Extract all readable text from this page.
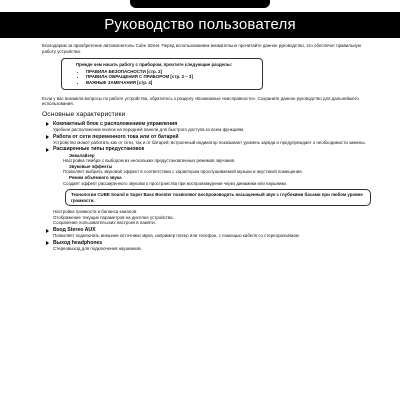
Руководство пользователя

Благодарим за приобретение автомагнитолы Cube Street. Перед использованием внимательно прочитайте данное руководство, это обеспечит правильную работу устройства.

Прежде чем начать работу с прибором, прочтите следующие разделы:
• ПРАВИЛА БЕЗОПАСНОСТИ [стр. 2]
• ПРАВИЛА ОБРАЩЕНИЯ С ПРИБОРОМ [стр. 2 – 3]
• ВАЖНЫЕ ЗАМЕЧАНИЯ [стр. 4]

Если у вас возникли вопросы по работе устройства, обратитесь к разделу «Возможные неисправности». Сохраните данное руководство для дальнейшего использования.

Основные характеристики
Компактный блок с расположением управления

Удобное расположение кнопок на передней панели для быстрого доступа ко всем функциям.

Работа от сети переменного тока или от батарей

Устройство может работать как от сети, так и от батарей; встроенный индикатор показывает уровень заряда и предупреждает о необходимости замены.

Расширенные типы предустановок
Эквалайзер

Настройка тембра с выбором из нескольких предустановленных режимов звучания.

Звуковые эффекты

Позволяет выбрать звуковой эффект в соответствии с характером прослушиваемой музыки и акустикой помещения.

Режим объёмного звука

Создаёт эффект расширенного звукового пространства при воспроизведении через динамики или наушники.

Технологии CUBE Sound и Super Bass Booster позволяют воспроизводить насыщенный звук с глубокими басами при любом уровне громкости.

Настройка громкости и баланса каналов.

Отображение текущих параметров на дисплее устройства.

Сохранение пользовательских настроек в памяти.

Вход Stereo AUX

Позволяет подключать внешние источники звука, например плеер или телефон, с помощью кабеля со стереоразъёмом.

Выход headphones

Стереовыход для подключения наушников.
